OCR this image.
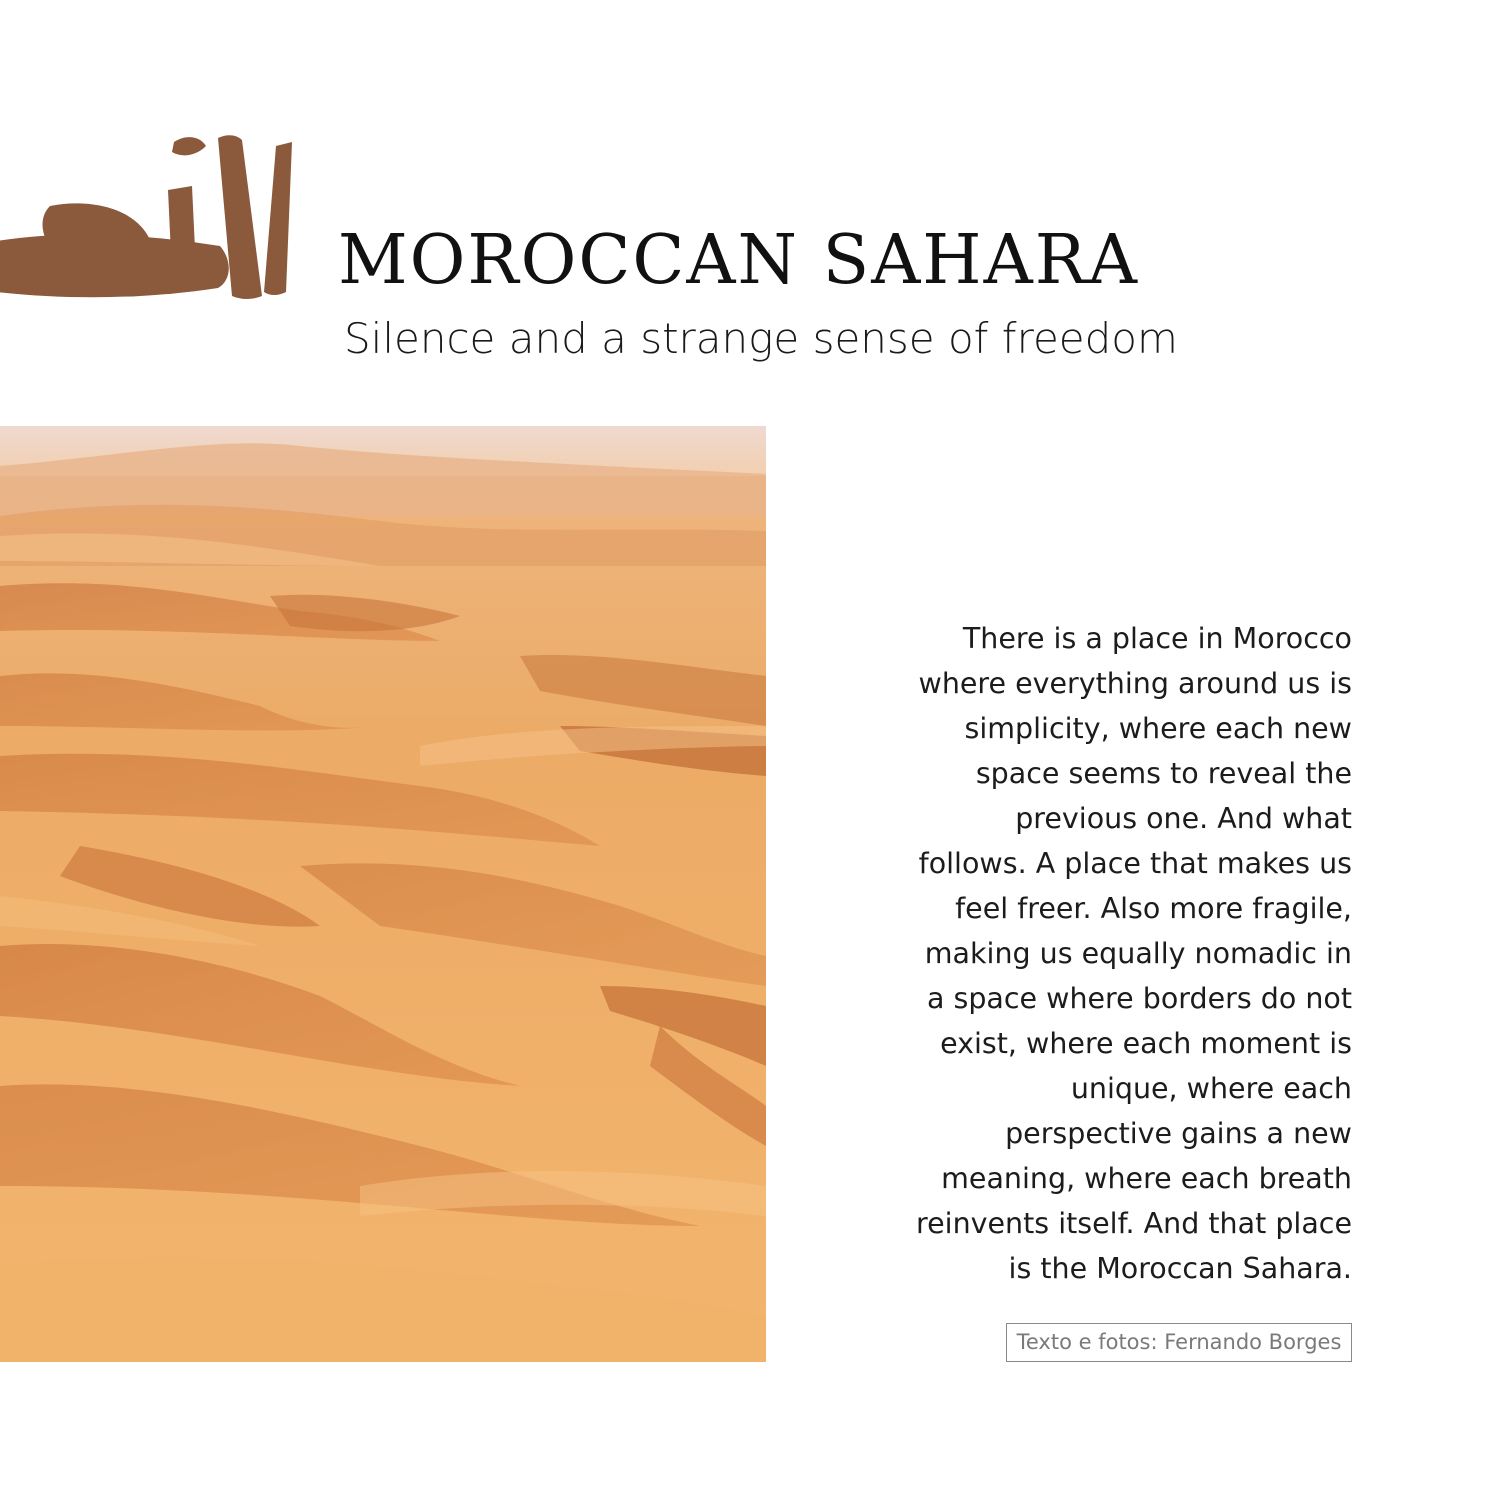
MOROCCAN SAHARA
Silence and a strange sense of freedom

There is a place in Morocco
where everything around us is
simplicity, where each new
space seems to reveal the
previous one. And what
follows. A place that makes us
feel freer. Also more fragile,
making us equally nomadic in
a space where borders do not
exist, where each moment is
unique, where each
perspective gains a new
meaning, where each breath
reinvents itself. And that place
is the Moroccan Sahara.

Texto e fotos: Fernando Borges
